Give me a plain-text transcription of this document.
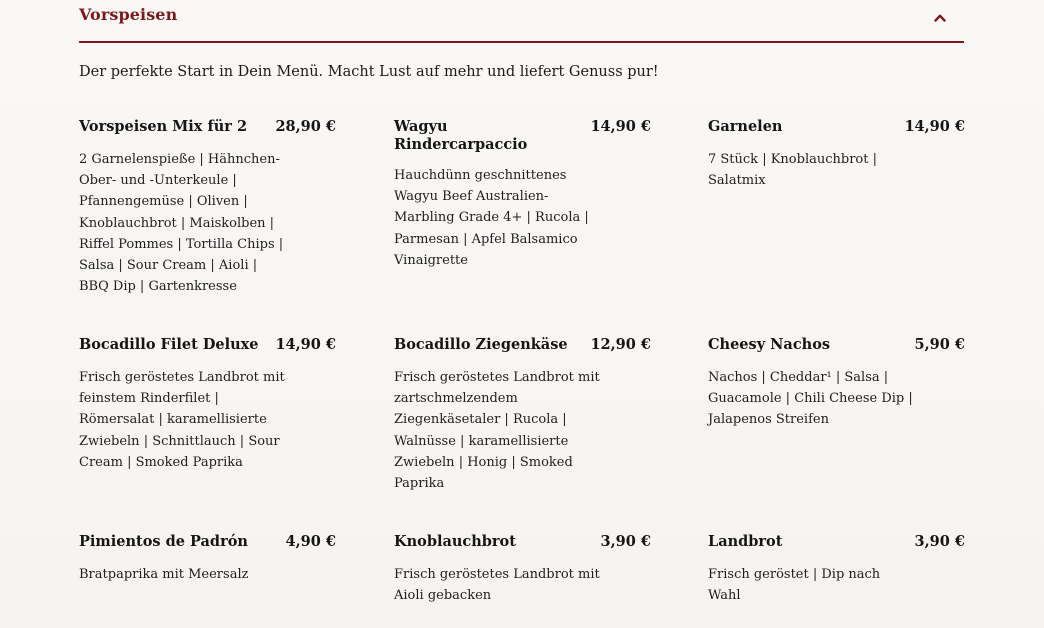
Vorspeisen
Der perfekte Start in Dein Menü. Macht Lust auf mehr und liefert Genuss pur!
Vorspeisen Mix für 2	28,90 €
2 Garnelenspieße | Hähnchen-Ober- und -Unterkeule | Pfannengemüse | Oliven | Knoblauchbrot | Maiskolben | Riffel Pommes | Tortilla Chips | Salsa | Sour Cream | Aioli | BBQ Dip | Gartenkresse
Wagyu Rindercarpaccio
14,90 €
Hauchdünn geschnittenes Wagyu Beef Australien-Marbling Grade 4+ | Rucola | Parmesan | Apfel Balsamico Vinaigrette
Garnelen	14,90 €
7 Stück | Knoblauchbrot | Salatmix
Bocadillo Filet Deluxe 14,90 €
Frisch geröstetes Landbrot mit feinstem Rinderfilet | Römersalat | karamellisierte Zwiebeln | Schnittlauch | Sour Cream | Smoked Paprika
Bocadillo Ziegenkäse	12,90 €
Frisch geröstetes Landbrot mit zartschmelzendem Ziegenkäsetaler | Rucola | Walnüsse | karamellisierte Zwiebeln | Honig | Smoked Paprika
Cheesy Nachos	5,90 €
Nachos | Cheddar¹ | Salsa | Guacamole | Chili Cheese Dip | Jalapenos Streifen
Pimientos de Padrón	4,90 €
Bratpaprika mit Meersalz
Knoblauchbrot	3,90 €
Frisch geröstetes Landbrot mit Aioli gebacken
Landbrot	3,90 €
Frisch geröstet | Dip nach Wahl
